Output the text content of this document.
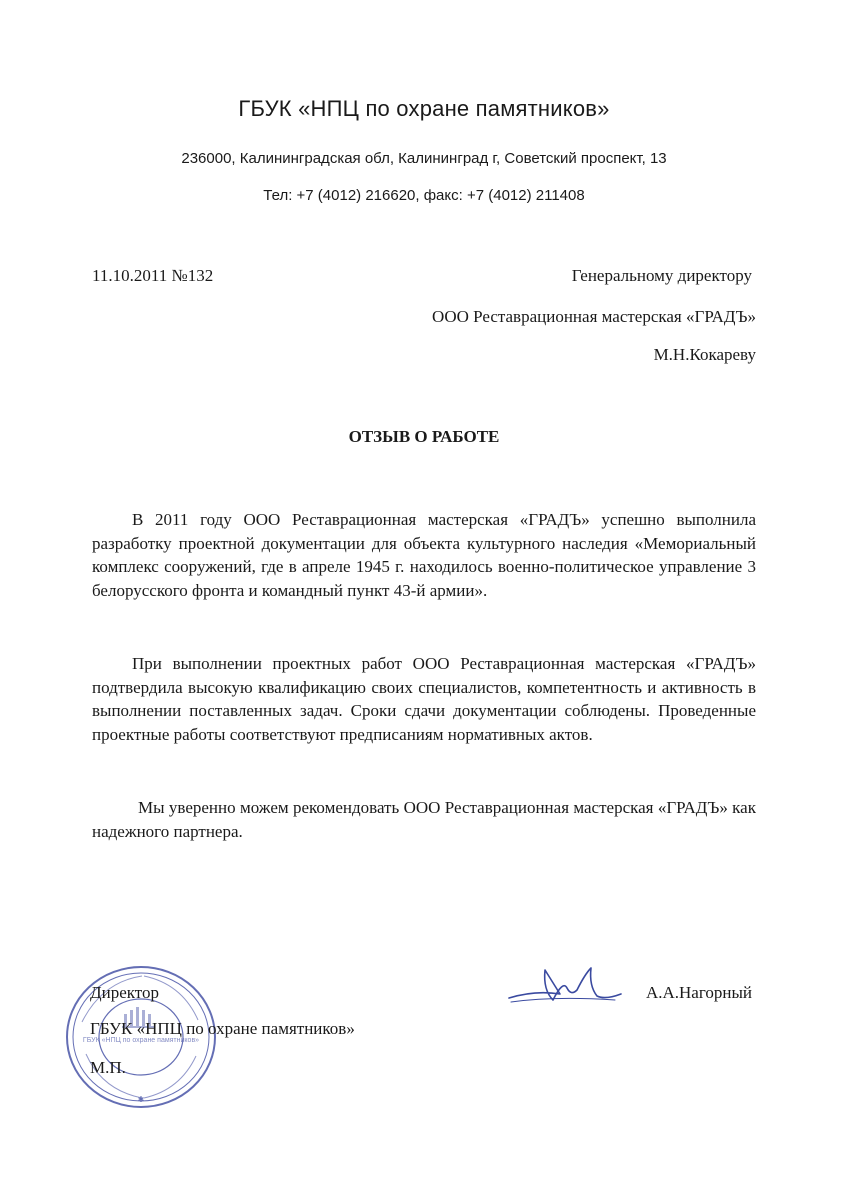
ГБУК «НПЦ по охране памятников»
236000, Калининградская обл, Калининград г, Советский проспект, 13
Тел: +7 (4012) 216620, факс: +7 (4012) 211408
11.10.2011 №132	Генеральному директору
ООО Реставрационная мастерская «ГРАДЪ»
М.Н.Кокареву
ОТЗЫВ О РАБОТЕ

В 2011 году ООО Реставрационная мастерская «ГРАДЪ» успешно выполнила разработку проектной документации для объекта культурного наследия «Мемориальный комплекс сооружений, где в апреле 1945 г. находилось военно-политическое управление 3 белорусского фронта и командный пункт 43-й армии».

При выполнении проектных работ ООО Реставрационная мастерская «ГРАДЪ» подтвердила высокую квалификацию своих специалистов, компетентность и активность в выполнении поставленных задач. Сроки сдачи документации соблюдены. Проведенные проектные работы соответствуют предписаниям нормативных актов.

Мы уверенно можем рекомендовать ООО Реставрационная мастерская «ГРАДЪ» как надежного партнера.

ГБУК «НПЦ по охране памятников»
✱
Директор
ГБУК «НПЦ по охране памятников»
М.П.
А.А.Нагорный
